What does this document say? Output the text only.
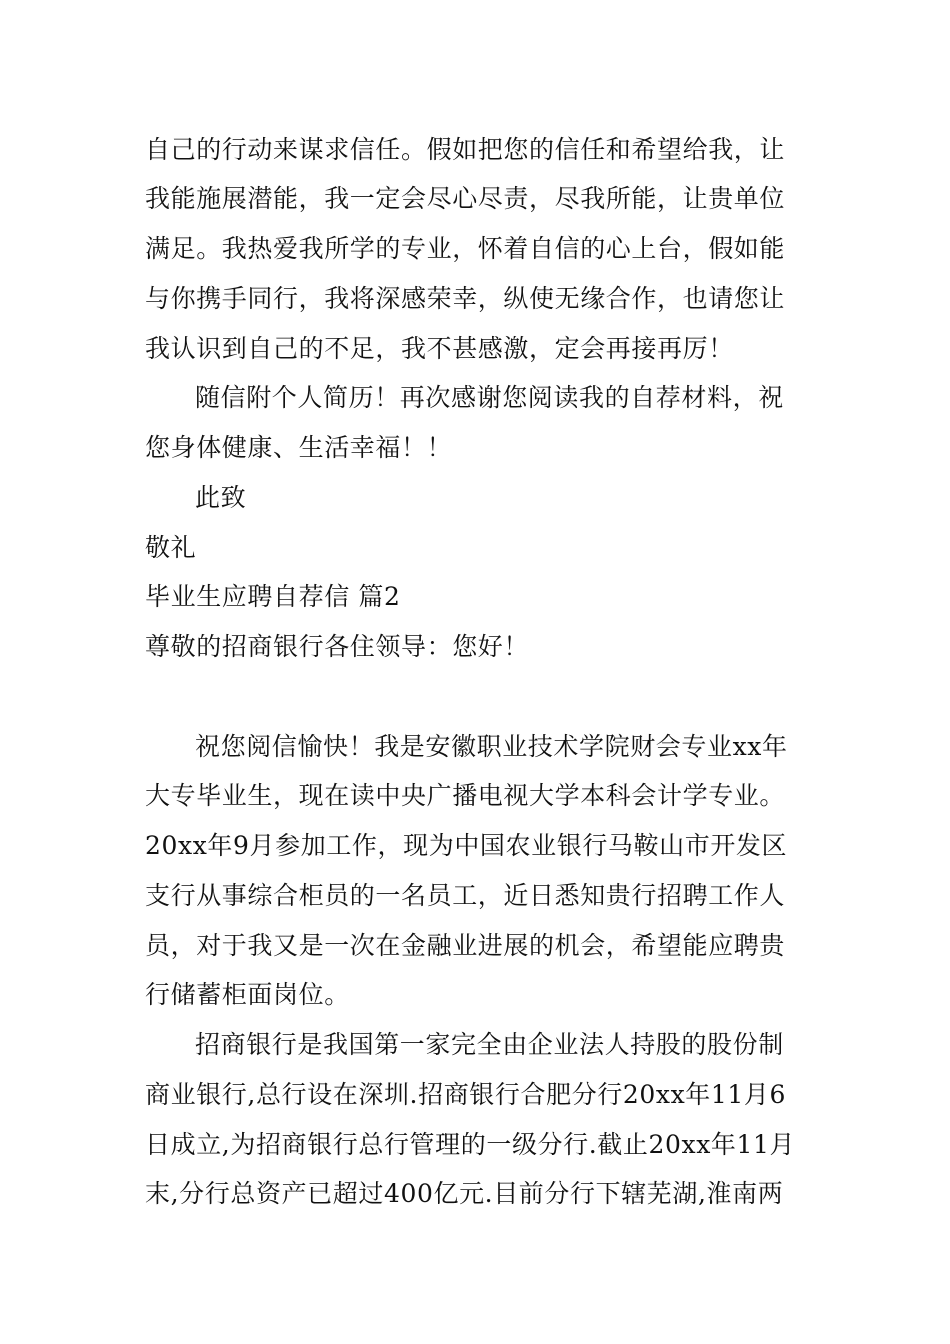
自己的行动来谋求信任。假如把您的信任和希望给我，让
我能施展潜能，我一定会尽心尽责，尽我所能，让贵单位
满足。我热爱我所学的专业，怀着自信的心上台，假如能
与你携手同行，我将深感荣幸，纵使无缘合作，也请您让
我认识到自己的不足，我不甚感激，定会再接再厉！
随信附个人简历！再次感谢您阅读我的自荐材料，祝
您身体健康、生活幸福！！
此致
敬礼
毕业生应聘自荐信 篇2
尊敬的招商银行各住领导：您好！
祝您阅信愉快！我是安徽职业技术学院财会专业xx年
大专毕业生，现在读中央广播电视大学本科会计学专业。
20xx年9月参加工作，现为中国农业银行马鞍山市开发区
支行从事综合柜员的一名员工，近日悉知贵行招聘工作人
员，对于我又是一次在金融业进展的机会，希望能应聘贵
行储蓄柜面岗位。
招商银行是我国第一家完全由企业法人持股的股份制
商业银行,总行设在深圳.招商银行合肥分行20xx年11月6
日成立,为招商银行总行管理的一级分行.截止20xx年11月
末,分行总资产已超过400亿元.目前分行下辖芜湖,淮南两
